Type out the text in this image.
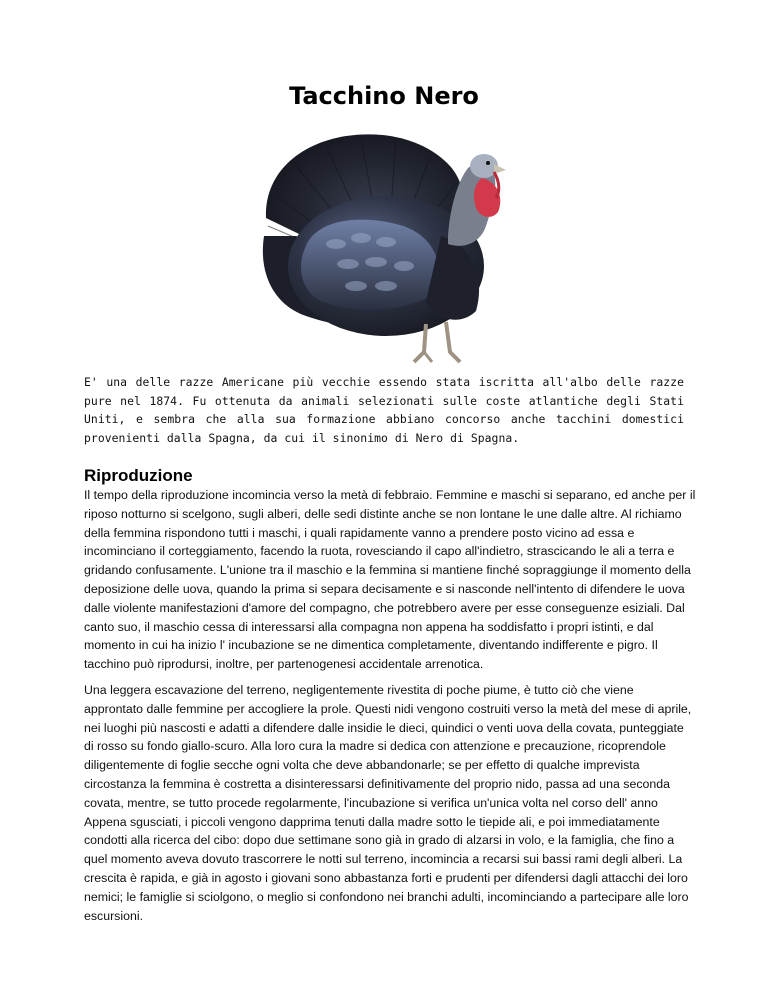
Tacchino Nero

E' una delle razze Americane più vecchie essendo stata iscritta all'albo delle razze pure nel 1874. Fu ottenuta da animali selezionati sulle coste atlantiche degli Stati Uniti, e sembra che alla sua formazione abbiano concorso anche tacchini domestici provenienti dalla Spagna, da cui il sinonimo di Nero di Spagna.

Riproduzione

Il tempo della riproduzione incomincia verso la metà di febbraio. Femmine e maschi si separano, ed anche per il riposo notturno si scelgono, sugli alberi, delle sedi distinte anche se non lontane le une dalle altre. Al richiamo della femmina rispondono tutti i maschi, i quali rapidamente vanno a prendere posto vicino ad essa e incominciano il corteggiamento, facendo la ruota, rovesciando il capo all'indietro, strascicando le ali a terra e gridando confusamente. L'unione tra il maschio e la femmina si mantiene finché sopraggiunge il momento della deposizione delle uova, quando la prima si separa decisamente e si nasconde nell'intento di difendere le uova dalle violente manifestazioni d'amore del compagno, che potrebbero avere per esse conseguenze esiziali. Dal canto suo, il maschio cessa di interessarsi alla compagna non appena ha soddisfatto i propri istinti, e dal momento in cui ha inizio l' incubazione se ne dimentica completamente, diventando indifferente e pigro. Il tacchino può riprodursi, inoltre, per partenogenesi accidentale arrenotica.

Una leggera escavazione del terreno, negligentemente rivestita di poche piume, è tutto ciò che viene approntato dalle femmine per accogliere la prole. Questi nidi vengono costruiti verso la metà del mese di aprile, nei luoghi più nascosti e adatti a difendere dalle insidie le dieci, quindici o venti uova della covata, punteggiate di rosso su fondo giallo-scuro. Alla loro cura la madre si dedica con attenzione e precauzione, ricoprendole diligentemente di foglie secche ogni volta che deve abbandonarle; se per effetto di qualche imprevista circostanza la femmina è costretta a disinteressarsi definitivamente del proprio nido, passa ad una seconda covata, mentre, se tutto procede regolarmente, l'incubazione si verifica un'unica volta nel corso dell' anno Appena sgusciati, i piccoli vengono dapprima tenuti dalla madre sotto le tiepide ali, e poi immediatamente condotti alla ricerca del cibo: dopo due settimane sono già in grado di alzarsi in volo, e la famiglia, che fino a quel momento aveva dovuto trascorrere le notti sul terreno, incomincia a recarsi sui bassi rami degli alberi. La crescita è rapida, e già in agosto i giovani sono abbastanza forti e prudenti per difendersi dagli attacchi dei loro nemici; le famiglie si sciolgono, o meglio si confondono nei branchi adulti, incominciando a partecipare alle loro escursioni.
